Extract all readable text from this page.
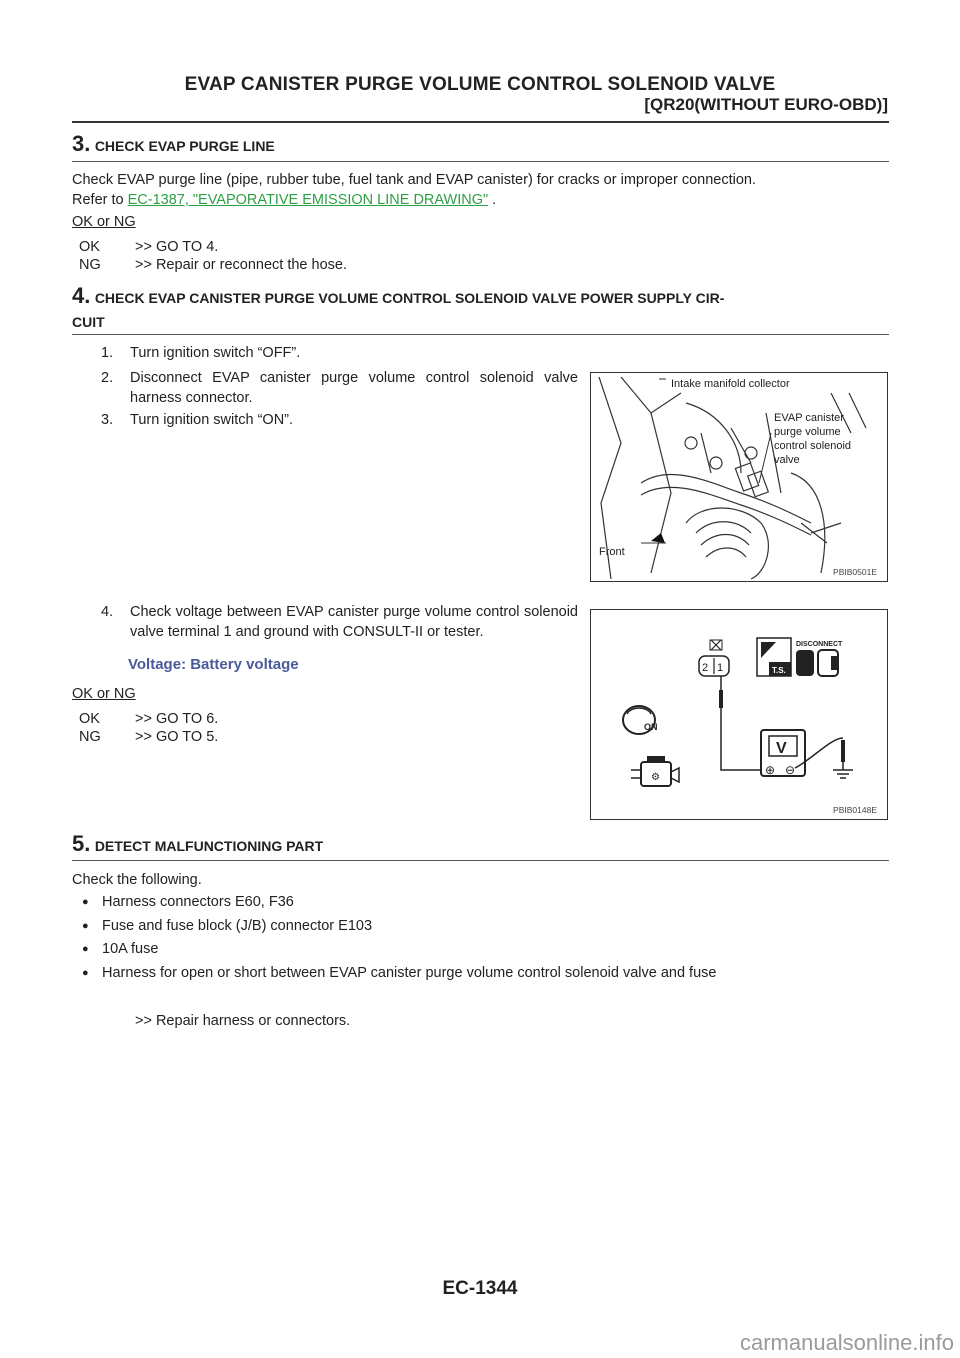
EVAP CANISTER PURGE VOLUME CONTROL SOLENOID VALVE
[QR20(WITHOUT EURO-OBD)]
3. CHECK EVAP PURGE LINE
Check EVAP purge line (pipe, rubber tube, fuel tank and EVAP canister) for cracks or improper connection.
Refer to EC-1387, "EVAPORATIVE EMISSION LINE DRAWING" .
OK or NG
OK >> GO TO 4.
NG >> Repair or reconnect the hose.
4. CHECK EVAP CANISTER PURGE VOLUME CONTROL SOLENOID VALVE POWER SUPPLY CIR-
CUIT
1. Turn ignition switch “OFF”.
2. Disconnect EVAP canister purge volume control solenoid valve harness connector.
3. Turn ignition switch “ON”.
Intake manifold collector
EVAP canister
purge volume
control solenoid
valve
Front
PBIB0501E
4. Check voltage between EVAP canister purge volume control solenoid valve terminal 1 and ground with CONSULT-II or tester.
Voltage: Battery voltage
OK or NG
OK >> GO TO 6.
NG >> GO TO 5.
T.S.
DISCONNECT
2 1
ON
⚙
V
⊕ ⊖
PBIB0148E
5. DETECT MALFUNCTIONING PART
Check the following.
● Harness connectors E60, F36
● Fuse and fuse block (J/B) connector E103
● 10A fuse
● Harness for open or short between EVAP canister purge volume control solenoid valve and fuse
>> Repair harness or connectors.
EC-1344
carmanualsonline.info
